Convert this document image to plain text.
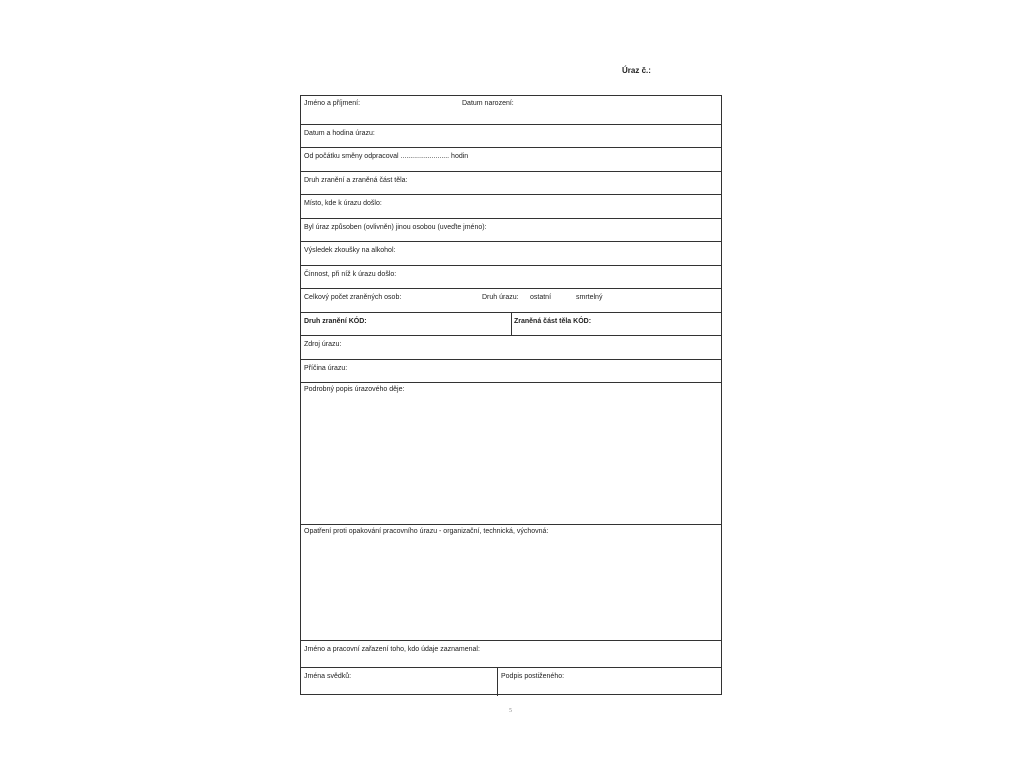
Úraz č.:
Jméno a příjmení:	Datum narození:
Datum a hodina úrazu:
Od počátku směny odpracoval ......................... hodin
Druh zranění a zraněná část těla:
Místo, kde k úrazu došlo:
Byl úraz způsoben (ovlivněn) jinou osobou (uveďte jméno):
Výsledek zkoušky na alkohol:
Činnost, při níž k úrazu došlo:
Celkový počet zraněných osob:	Druh úrazu: ostatní	smrtelný
Druh zranění KÓD:	Zraněná část těla KÓD:
Zdroj úrazu:
Příčina úrazu:
Podrobný popis úrazového děje:
Opatření proti opakování pracovního úrazu - organizační, technická, výchovná:
Jméno a pracovní zařazení toho, kdo údaje zaznamenal:
Jména svědků:	Podpis postiženého:
5
